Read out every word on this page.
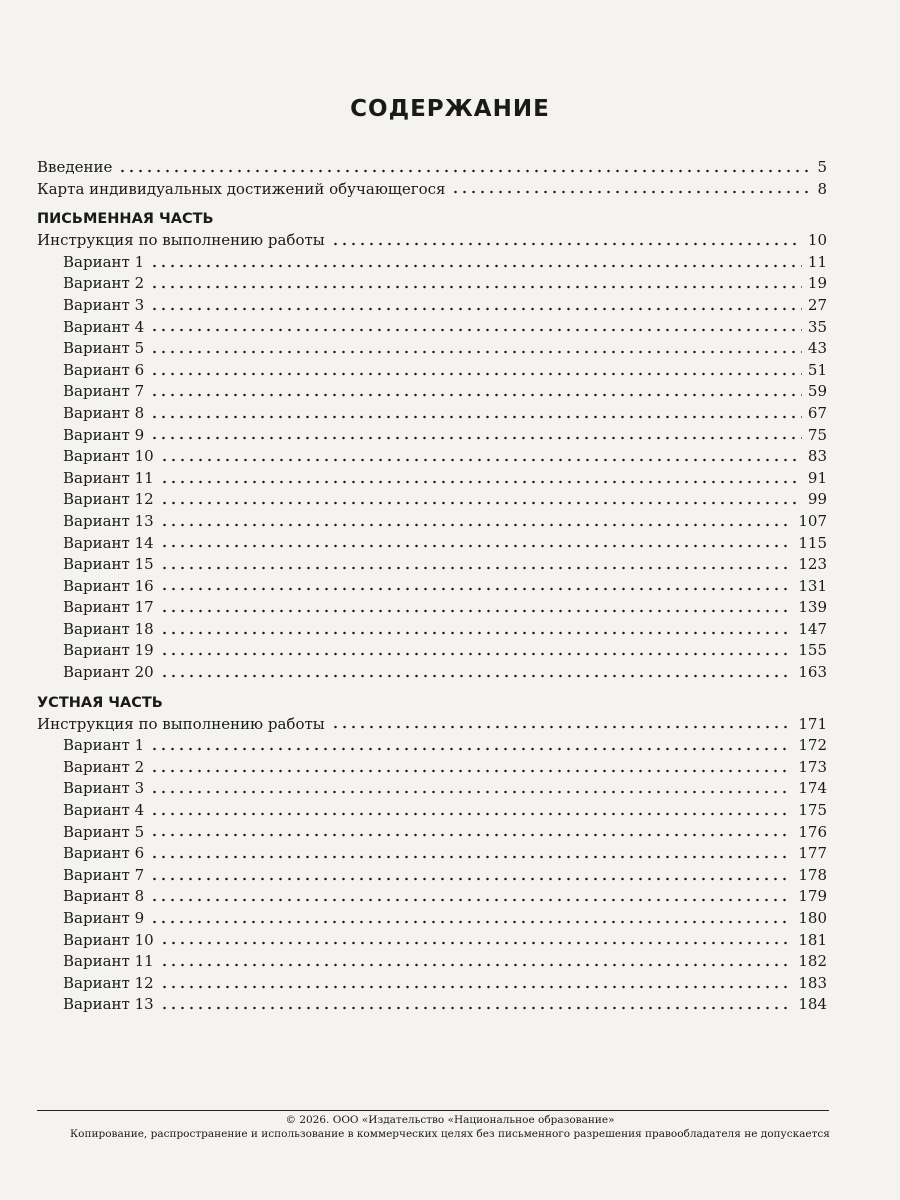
СОДЕРЖАНИЕ
Введение	5
Карта индивидуальных достижений обучающегося	8
ПИСЬМЕННАЯ ЧАСТЬ
Инструкция по выполнению работы	10
Вариант 1	11
Вариант 2	19
Вариант 3	27
Вариант 4	35
Вариант 5	43
Вариант 6	51
Вариант 7	59
Вариант 8	67
Вариант 9	75
Вариант 10	83
Вариант 11	91
Вариант 12	99
Вариант 13	107
Вариант 14	115
Вариант 15	123
Вариант 16	131
Вариант 17	139
Вариант 18	147
Вариант 19	155
Вариант 20	163
УСТНАЯ ЧАСТЬ
Инструкция по выполнению работы	171
Вариант 1	172
Вариант 2	173
Вариант 3	174
Вариант 4	175
Вариант 5	176
Вариант 6	177
Вариант 7	178
Вариант 8	179
Вариант 9	180
Вариант 10	181
Вариант 11	182
Вариант 12	183
Вариант 13	184
© 2026. ООО «Издательство «Национальное образование»
Копирование, распространение и использование в коммерческих целях без письменного разрешения правообладателя не допускается
